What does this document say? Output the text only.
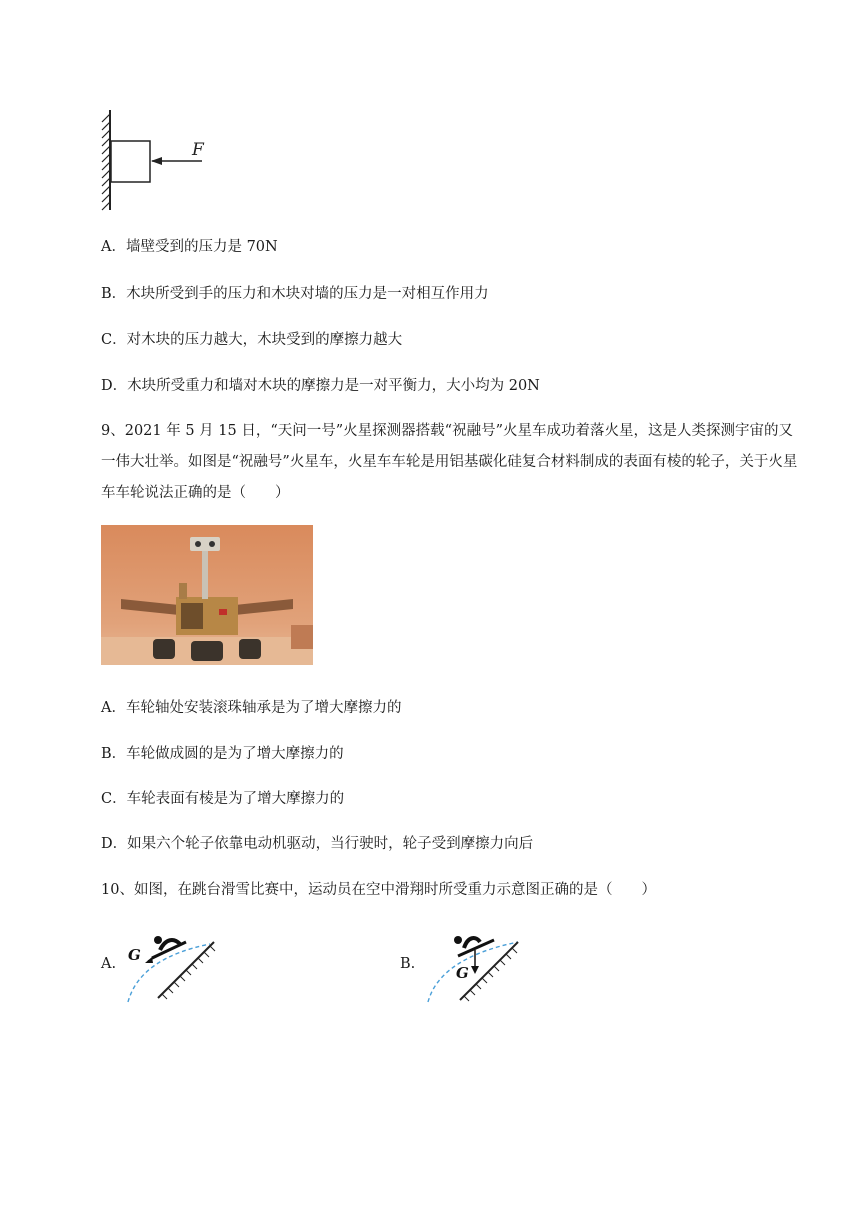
F
A．墙壁受到的压力是 70N
B．木块所受到手的压力和木块对墙的压力是一对相互作用力
C．对木块的压力越大，木块受到的摩擦力越大
D．木块所受重力和墙对木块的摩擦力是一对平衡力，大小均为 20N
9、2021 年 5 月 15 日，“天问一号”火星探测器搭载“祝融号”火星车成功着落火星，这是人类探测宇宙的又一伟大壮举。如图是“祝融号”火星车，火星车车轮是用铝基碳化硅复合材料制成的表面有棱的轮子，关于火星车车轮说法正确的是（　　）
A．车轮轴处安装滚珠轴承是为了增大摩擦力的
B．车轮做成圆的是为了增大摩擦力的
C．车轮表面有棱是为了增大摩擦力的
D．如果六个轮子依靠电动机驱动，当行驶时，轮子受到摩擦力向后
10、如图，在跳台滑雪比赛中，运动员在空中滑翔时所受重力示意图正确的是（　　）
A. G	B.	G
